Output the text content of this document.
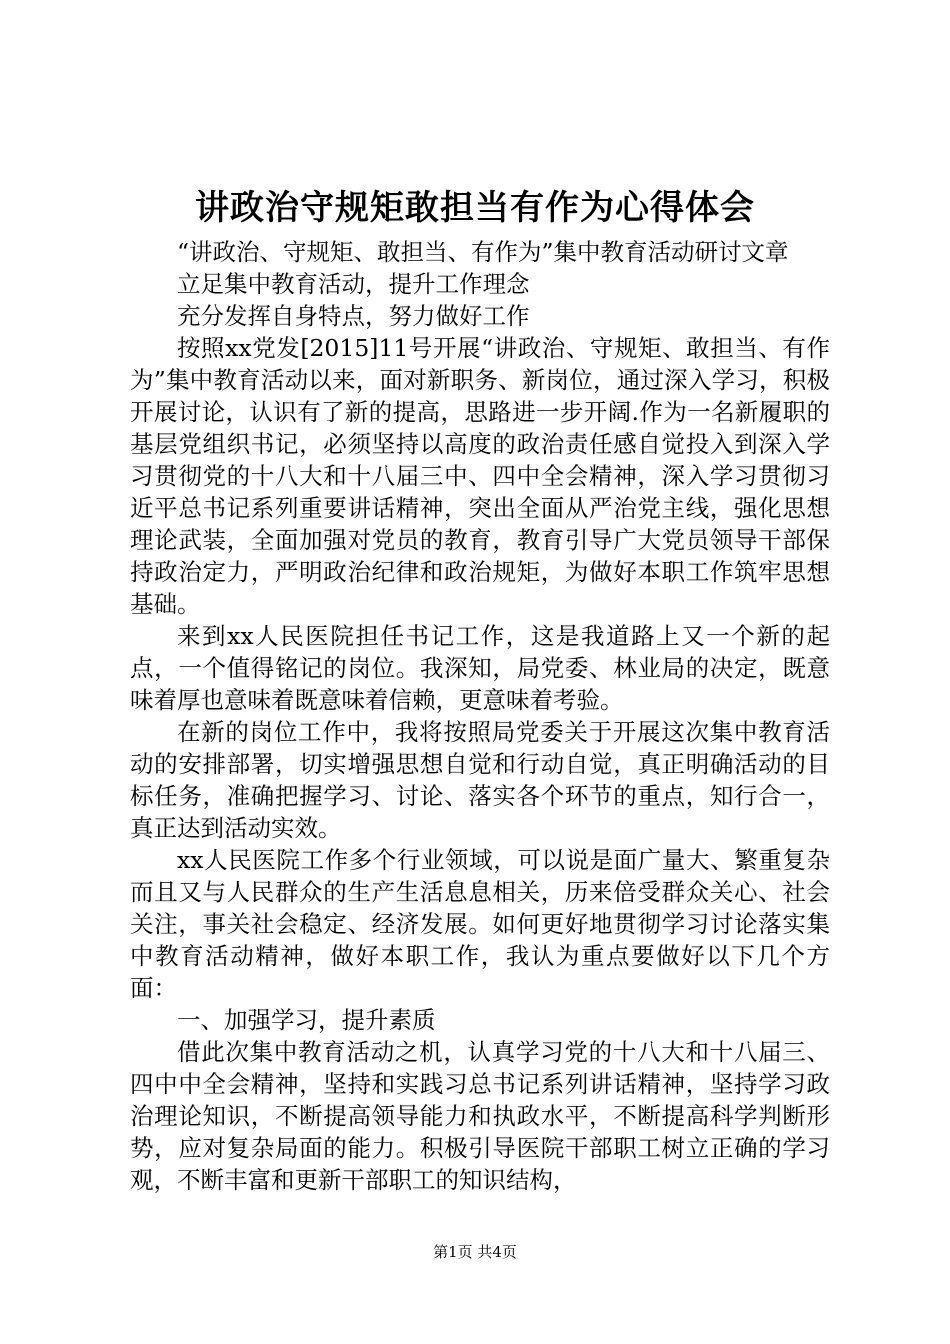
讲政治守规矩敢担当有作为心得体会

“讲政治、守规矩、敢担当、有作为”集中教育活动研讨文章

立足集中教育活动，提升工作理念

充分发挥自身特点，努力做好工作

按照xx党发[2015]11号开展“讲政治、守规矩、敢担当、有作为”集中教育活动以来，面对新职务、新岗位，通过深入学习，积极开展讨论，认识有了新的提高，思路进一步开阔.作为一名新履职的基层党组织书记，必须坚持以高度的政治责任感自觉投入到深入学习贯彻党的十八大和十八届三中、四中全会精神，深入学习贯彻习近平总书记系列重要讲话精神，突出全面从严治党主线，强化思想理论武装，全面加强对党员的教育，教育引导广大党员领导干部保持政治定力，严明政治纪律和政治规矩，为做好本职工作筑牢思想基础。

来到xx人民医院担任书记工作，这是我道路上又一个新的起点，一个值得铭记的岗位。我深知，局党委、林业局的决定，既意味着厚也意味着既意味着信赖，更意味着考验。

在新的岗位工作中，我将按照局党委关于开展这次集中教育活动的安排部署，切实增强思想自觉和行动自觉，真正明确活动的目标任务，准确把握学习、讨论、落实各个环节的重点，知行合一，真正达到活动实效。

xx人民医院工作多个行业领域，可以说是面广量大、繁重复杂而且又与人民群众的生产生活息息相关，历来倍受群众关心、社会关注，事关社会稳定、经济发展。如何更好地贯彻学习讨论落实集中教育活动精神，做好本职工作，我认为重点要做好以下几个方面：

一、加强学习，提升素质

借此次集中教育活动之机，认真学习党的十八大和十八届三、四中中全会精神，坚持和实践习总书记系列讲话精神，坚持学习政治理论知识，不断提高领导能力和执政水平，不断提高科学判断形势，应对复杂局面的能力。积极引导医院干部职工树立正确的学习观，不断丰富和更新干部职工的知识结构，

第1页 共4页
